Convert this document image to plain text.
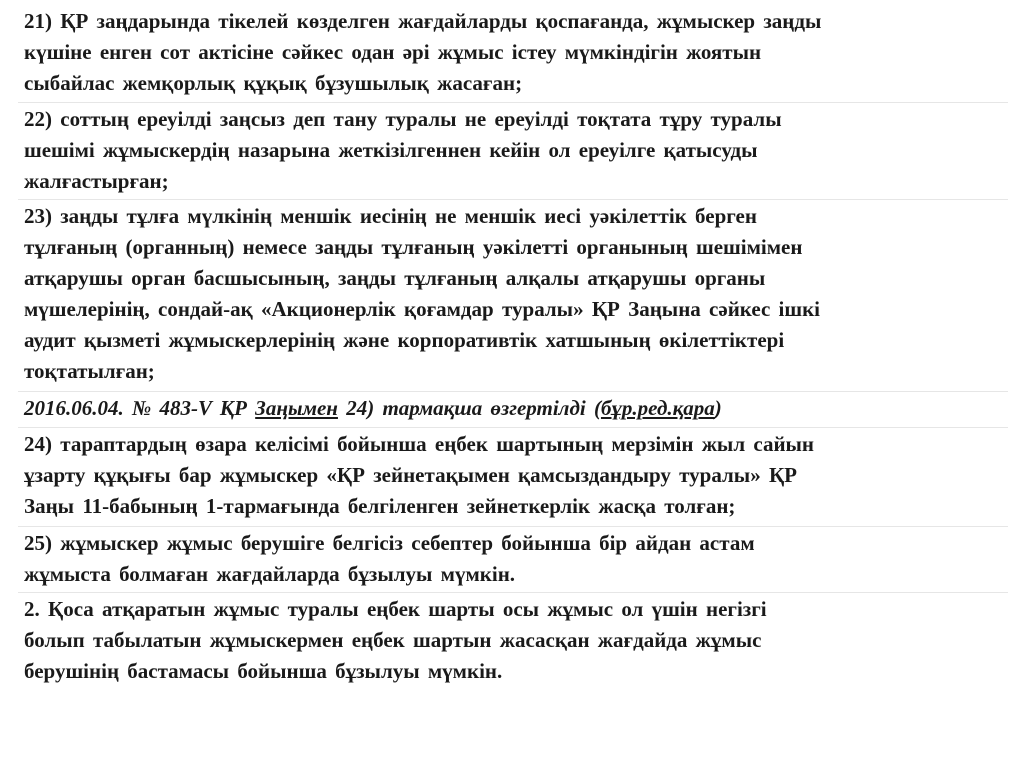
21) ҚР заңдарында тікелей көзделген жағдайларды қоспағанда, жұмыскер заңды
күшіне енген сот актісіне сәйкес одан әрі жұмыс істеу мүмкіндігін жоятын
сыбайлас жемқорлық құқық бұзушылық жасаған;
22) соттың ереуілді заңсыз деп тану туралы не ереуілді тоқтата тұру туралы
шешімі жұмыскердің назарына жеткізілгеннен кейін ол ереуілге қатысуды
жалғастырған;
23) заңды тұлға мүлкінің меншік иесінің не меншік иесі уәкілеттік берген
тұлғаның (органның) немесе заңды тұлғаның уәкілетті органының шешімімен
атқарушы орган басшысының, заңды тұлғаның алқалы атқарушы органы
мүшелерінің, сондай-ақ «Акционерлік қоғамдар туралы» ҚР Заңына сәйкес ішкі
аудит қызметі жұмыскерлерінің және корпоративтік хатшының өкілеттіктері
тоқтатылған;
2016.06.04. № 483-V ҚР Заңымен 24) тармақша өзгертілді (бұр.ред.қара)
24) тараптардың өзара келісімі бойынша еңбек шартының мерзімін жыл сайын
ұзарту құқығы бар жұмыскер «ҚР зейнетақымен қамсыздандыру туралы» ҚР
Заңы 11-бабының 1-тармағында белгіленген зейнеткерлік жасқа толған;
25) жұмыскер жұмыс берушіге белгісіз себептер бойынша бір айдан астам
жұмыста болмаған жағдайларда бұзылуы мүмкін.
2. Қоса атқаратын жұмыс туралы еңбек шарты осы жұмыс ол үшін негізгі
болып табылатын жұмыскермен еңбек шартын жасасқан жағдайда жұмыс
берушінің бастамасы бойынша бұзылуы мүмкін.
